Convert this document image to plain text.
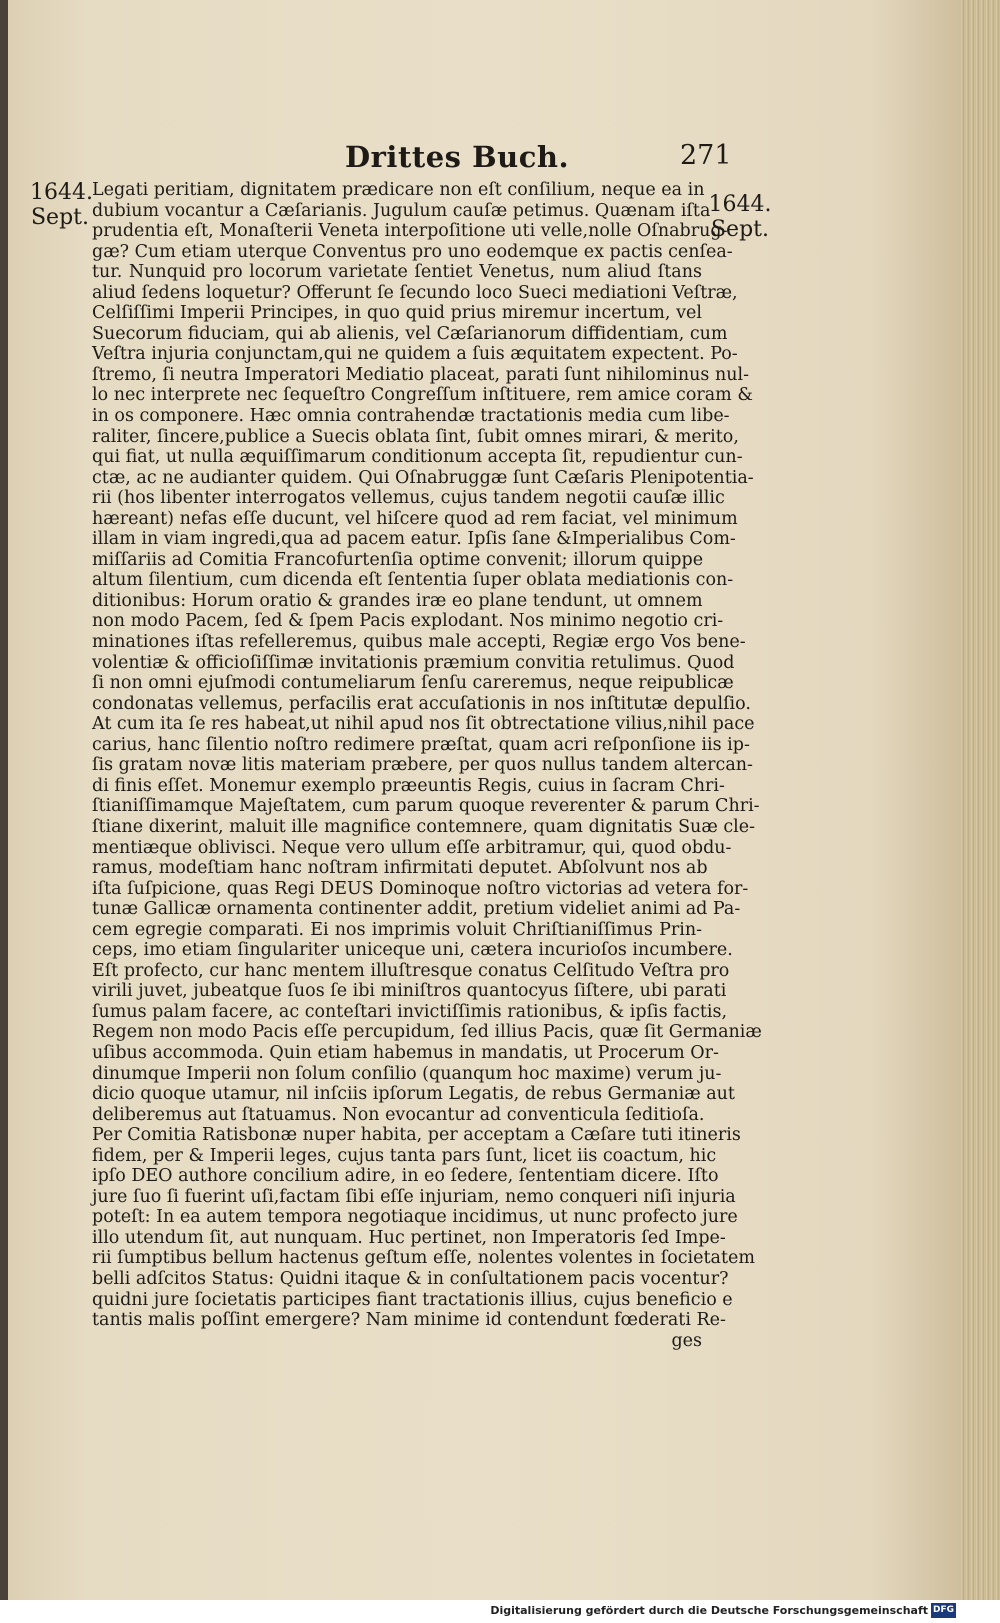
Drittes Buch.	271
1644.
Sept.
1644.
Sept.
Legati peritiam, dignitatem prædicare non eſt conſilium, neque ea in
dubium vocantur a Cæſarianis. Jugulum cauſæ petimus. Quænam iſta
prudentia eſt, Monaſterii Veneta interpoſitione uti velle,nolle Oſnabrug-
gæ? Cum etiam uterque Conventus pro uno eodemque ex pactis cenſea-
tur. Nunquid pro locorum varietate ſentiet Venetus, num aliud ſtans
aliud ſedens loquetur? Offerunt ſe ſecundo loco Sueci mediationi Veſtræ,
Celſiſſimi Imperii Principes, in quo quid prius miremur incertum, vel
Suecorum fiduciam, qui ab alienis, vel Cæſarianorum diffidentiam, cum
Veſtra injuria conjunctam,qui ne quidem a ſuis æquitatem expectent. Po-
ſtremo, ſi neutra Imperatori Mediatio placeat, parati ſunt nihilominus nul-
lo nec interprete nec ſequeſtro Congreſſum inſtituere, rem amice coram &
in os componere. Hæc omnia contrahendæ tractationis media cum libe-
raliter, ſincere,publice a Suecis oblata ſint, ſubit omnes mirari, & merito,
qui fiat, ut nulla æquiſſimarum conditionum accepta ſit, repudientur cun-
ctæ, ac ne audianter quidem. Qui Oſnabruggæ ſunt Cæſaris Plenipotentia-
rii (hos libenter interrogatos vellemus, cujus tandem negotii cauſæ illic
hæreant) nefas eſſe ducunt, vel hiſcere quod ad rem faciat, vel minimum
illam in viam ingredi,qua ad pacem eatur. Ipſis ſane &Imperialibus Com-
miſſariis ad Comitia Francofurtenſia optime convenit; illorum quippe
altum ſilentium, cum dicenda eſt ſententia ſuper oblata mediationis con-
ditionibus: Horum oratio & grandes iræ eo plane tendunt, ut omnem
non modo Pacem, ſed & ſpem Pacis explodant. Nos minimo negotio cri-
minationes iſtas refelleremus, quibus male accepti, Regiæ ergo Vos bene-
volentiæ & officioſiſſimæ invitationis præmium convitia retulimus. Quod
ſi non omni ejuſmodi contumeliarum ſenſu careremus, neque reipublicæ
condonatas vellemus, perfacilis erat accuſationis in nos inſtitutæ depulſio.
At cum ita ſe res habeat,ut nihil apud nos ſit obtrectatione vilius,nihil pace
carius, hanc ſilentio noſtro redimere præſtat, quam acri reſponſione iis ip-
ſis gratam novæ litis materiam præbere, per quos nullus tandem altercan-
di finis eſſet. Monemur exemplo præeuntis Regis, cuius in ſacram Chri-
ſtianiſſimamque Majeſtatem, cum parum quoque reverenter & parum Chri-
ſtiane dixerint, maluit ille magnifice contemnere, quam dignitatis Suæ cle-
mentiæque oblivisci. Neque vero ullum eſſe arbitramur, qui, quod obdu-
ramus, modeſtiam hanc noſtram infirmitati deputet. Abſolvunt nos ab
iſta ſuſpicione, quas Regi DEUS Dominoque noſtro victorias ad vetera for-
tunæ Gallicæ ornamenta continenter addit, pretium videliet animi ad Pa-
cem egregie comparati. Ei nos imprimis voluit Chriſtianiſſimus Prin-
ceps, imo etiam ſingulariter uniceque uni, cætera incurioſos incumbere.
Eſt profecto, cur hanc mentem illuſtresque conatus Celſitudo Veſtra pro
virili juvet, jubeatque ſuos ſe ibi miniſtros quantocyus ſiſtere, ubi parati
ſumus palam facere, ac conteſtari invictiſſimis rationibus, & ipſis factis,
Regem non modo Pacis eſſe percupidum, ſed illius Pacis, quæ ſit Germaniæ
uſibus accommoda. Quin etiam habemus in mandatis, ut Procerum Or-
dinumque Imperii non ſolum conſilio (quanqum hoc maxime) verum ju-
dicio quoque utamur, nil inſciis ipſorum Legatis, de rebus Germaniæ aut
deliberemus aut ſtatuamus. Non evocantur ad conventicula ſeditioſa.
Per Comitia Ratisbonæ nuper habita, per acceptam a Cæſare tuti itineris
fidem, per & Imperii leges, cujus tanta pars ſunt, licet iis coactum, hic
ipſo DEO authore concilium adire, in eo ſedere, ſententiam dicere. Iſto
jure ſuo ſi fuerint uſi,factam ſibi eſſe injuriam, nemo conqueri niſi injuria
poteſt: In ea autem tempora negotiaque incidimus, ut nunc profecto jure
illo utendum ſit, aut nunquam. Huc pertinet, non Imperatoris ſed Impe-
rii ſumptibus bellum hactenus geſtum eſſe, nolentes volentes in ſocietatem
belli adſcitos Status: Quidni itaque & in conſultationem pacis vocentur?
quidni jure ſocietatis participes fiant tractationis illius, cujus beneficio e
tantis malis poſſint emergere? Nam minime id contendunt fœderati Re-
ges
Digitalisierung gefördert durch die Deutsche Forschungsgemeinschaft DFG
